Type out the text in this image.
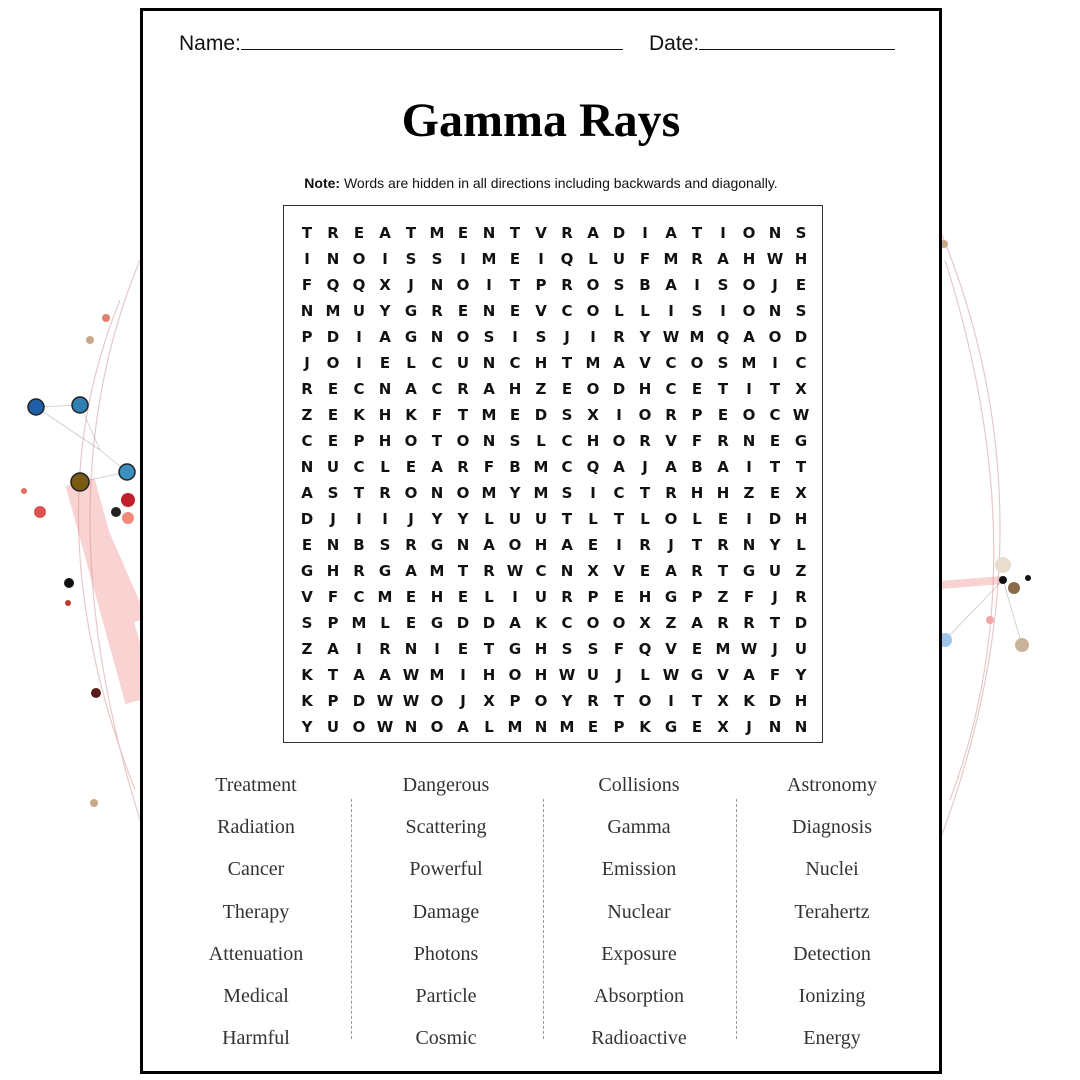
Name:	Date:
Gamma Rays
Note: Words are hidden in all directions including backwards and diagonally.
T	R	E	A	T M E N T	V R A D	I	A	T	I	O N S
I	N O	I	S	S	I	M E	I	Q L	U F M R A H W H
F Q Q X	J	N O	I	T	P R O S B A	I	S O	J	E
N M U Y G R	E N E	V C O L	L	I	S	I	O N S
P D	I	A G N O S	I	S	J	I	R Y W M Q A O D
J	O	I	E	L	C U N C H T M A V C O S M	I	C
R	E	C N A C R A H Z	E O D H C	E	T	I	T	X
Z	E	K H K	F	T M E D S X	I	O R P	E O C W
C	E	P H O T O N S	L	C H O R V	F	R N E G
N U C	L	E	A R	F	B M C Q A	J	A B A	I	T	T
A S	T	R O N O M Y M S	I	C	T	R H H Z	E	X
D	J	I	I	J	Y	Y	L	U U T	L	T	L O L	E	I	D H
E N B S R G N A O H A	E	I	R	J	T	R N Y	L
G H R G A M T	R W C N X V	E	A R	T G U Z
V	F	C M E H E	L	I	U R P	E H G P	Z	F	J	R
S	P M L	E G D D A K C O O X Z A R R	T D
Z A	I	R N	I	E	T G H S	S	F Q V	E M W J	U
K	T	A A W M	I	H O H W U	J	L W G V A	F	Y
K P D W W O	J	X P O Y R	T O	I	T	X K D H
Y U O W N O A	L M N M E	P K G E	X	J	N N
Treatment
Radiation
Cancer
Therapy
Attenuation
Medical
Harmful
Dangerous
Scattering
Powerful
Damage
Photons
Particle
Cosmic
Collisions
Gamma
Emission
Nuclear
Exposure
Absorption
Radioactive
Astronomy
Diagnosis
Nuclei
Terahertz
Detection
Ionizing
Energy
